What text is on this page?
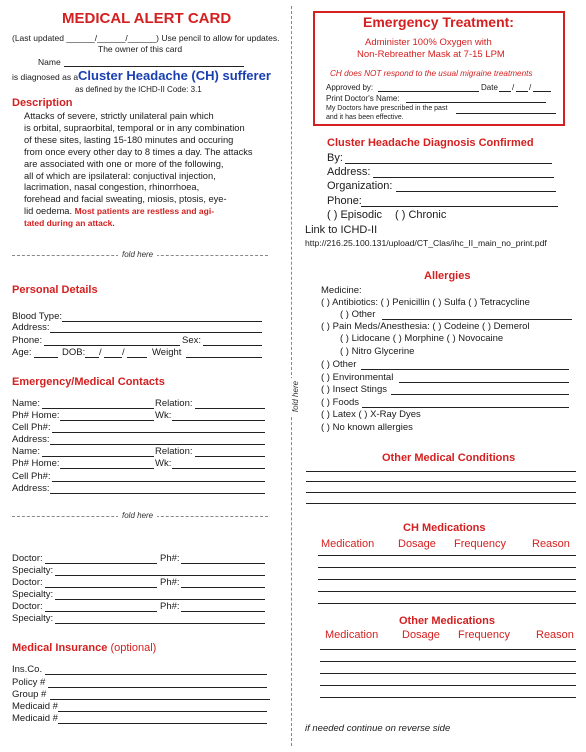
fold here
MEDICAL ALERT CARD
(Last updated ______/______/______) Use pencil to allow for updates.
The owner of this card
Name
is diagnosed as a Cluster Headache (CH) sufferer
as defined by the ICHD-II Code: 3.1
Description
Attacks of severe, strictly unilateral pain which
is orbital, supraorbital, temporal or in any combination
of these sites, lasting 15-180 minutes and occuring
from once every other day to 8 times a day. The attacks
are associated with one or more of the following,
all of which are ipsilateral: conjuctival injection,
lacrimation, nasal congestion, rhinorrhoea,
forehead and facial sweating, miosis, ptosis, eye-
lid oedema. Most patients are restless and agi-
tated during an attack.
fold here
Personal Details
Blood Type:
Address:
Phone:	Sex:
Age:	DOB: / /	Weight
Emergency/Medical Contacts
Name:	Relation:
Ph# Home:	Wk:
Cell Ph#:
Address:
Name:	Relation:
Ph# Home:	Wk:
Cell Ph#:
Address:
fold here
Doctor:	Ph#:
Specialty:
Doctor:	Ph#:
Specialty:
Doctor:	Ph#:
Specialty:
Medical Insurance (optional)
Ins.Co.
Policy #
Group #
Medicaid #
Medicaid #
Emergency Treatment:
Administer 100% Oxygen with
Non-Rebreather Mask at 7-15 LPM
CH does NOT respond to the usual migraine treatments
Approved by:	Date / /
Print Doctor's Name:
My Doctors have prescribed in the past
and it has been effective.
Cluster Headache Diagnosis Confirmed
By:
Address:
Organization:
Phone:
( ) Episodic ( ) Chronic
Link to ICHD-II
http://216.25.100.131/upload/CT_Clas/ihc_II_main_no_print.pdf
Allergies
Medicine:
( ) Antibiotics: ( ) Penicillin ( ) Sulfa ( ) Tetracycline
( ) Other
( ) Pain Meds/Anesthesia: ( ) Codeine ( ) Demerol
( ) Lidocane ( ) Morphine ( ) Novocaine
( ) Nitro Glycerine
( ) Other
( ) Environmental
( ) Insect Stings
( ) Foods
( ) Latex ( ) X-Ray Dyes
( ) No known allergies
Other Medical Conditions
CH Medications
Medication Dosage Frequency Reason
Other Medications
Medication Dosage Frequency Reason
if needed continue on reverse side
